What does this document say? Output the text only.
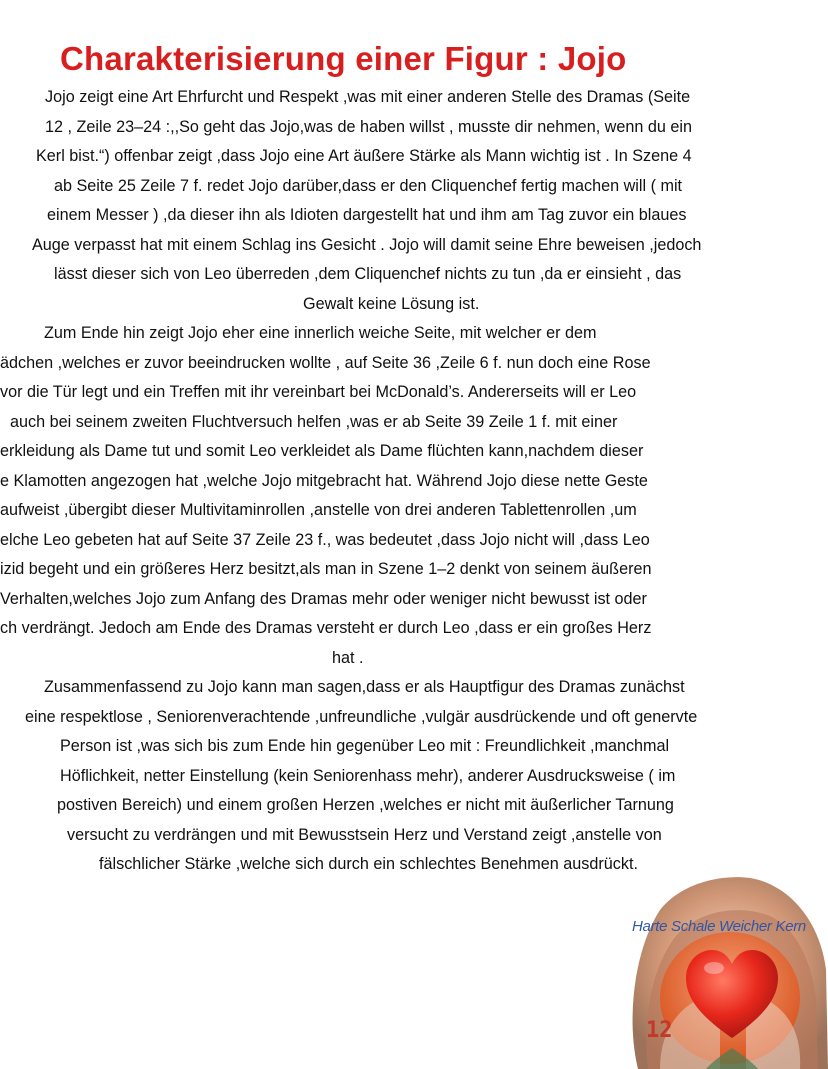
Charakterisierung einer Figur : Jojo
Jojo zeigt eine Art Ehrfurcht und Respekt ,was mit einer anderen Stelle des Dramas (Seite
12 , Zeile 23–24 :,,So geht das Jojo,was de haben willst , musste dir nehmen, wenn du ein
Kerl bist.“) offenbar zeigt ,dass Jojo eine Art äußere Stärke als Mann wichtig ist . In Szene 4
ab Seite 25 Zeile 7 f. redet Jojo darüber,dass er den Cliquenchef fertig machen will ( mit
einem Messer ) ,da dieser ihn als Idioten dargestellt hat und ihm am Tag zuvor ein blaues
Auge verpasst hat mit einem Schlag ins Gesicht . Jojo will damit seine Ehre beweisen ,jedoch
lässt dieser sich von Leo überreden ,dem Cliquenchef nichts zu tun ,da er einsieht , das
Gewalt keine Lösung ist.
Zum Ende hin zeigt Jojo eher eine innerlich weiche Seite, mit welcher er dem
ädchen ,welches er zuvor beeindrucken wollte , auf Seite 36 ,Zeile 6 f. nun doch eine Rose
vor die Tür legt und ein Treffen mit ihr vereinbart bei McDonald’s. Andererseits will er Leo
auch bei seinem zweiten Fluchtversuch helfen ,was er ab Seite 39 Zeile 1 f. mit einer
erkleidung als Dame tut und somit Leo verkleidet als Dame flüchten kann,nachdem dieser
e Klamotten angezogen hat ,welche Jojo mitgebracht hat. Während Jojo diese nette Geste
aufweist ,übergibt dieser Multivitaminrollen ,anstelle von drei anderen Tablettenrollen ,um
elche Leo gebeten hat auf Seite 37 Zeile 23 f., was bedeutet ,dass Jojo nicht will ,dass Leo
izid begeht und ein größeres Herz besitzt,als man in Szene 1–2 denkt von seinem äußeren
Verhalten,welches Jojo zum Anfang des Dramas mehr oder weniger nicht bewusst ist oder
ch verdrängt. Jedoch am Ende des Dramas versteht er durch Leo ,dass er ein großes Herz
hat .
Zusammenfassend zu Jojo kann man sagen,dass er als Hauptfigur des Dramas zunächst
eine respektlose , Seniorenverachtende ,unfreundliche ,vulgär ausdrückende und oft genervte
Person ist ,was sich bis zum Ende hin gegenüber Leo mit : Freundlichkeit ,manchmal
Höflichkeit, netter Einstellung (kein Seniorenhass mehr), anderer Ausdrucksweise ( im
postiven Bereich) und einem großen Herzen ,welches er nicht mit äußerlicher Tarnung
versucht zu verdrängen und mit Bewusstsein Herz und Verstand zeigt ,anstelle von
fälschlicher Stärke ,welche sich durch ein schlechtes Benehmen ausdrückt.
Harte Schale Weicher Kern
12
